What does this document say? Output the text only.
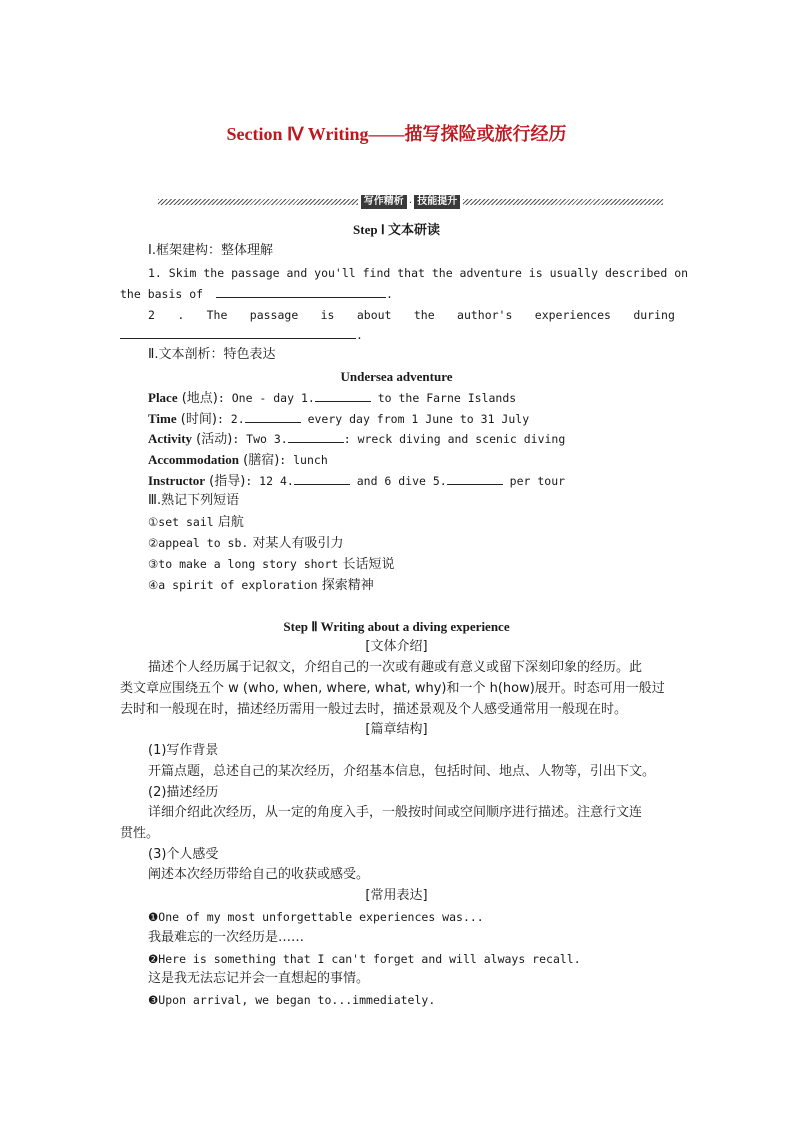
Section Ⅳ Writing——描写探险或旅行经历
写作精析 · 技能提升
Step Ⅰ 文本研读
Ⅰ.框架建构：整体理解
1. Skim the passage and you'll find that the adventure is usually described on
the basis of	.
2 . The passage is about the author's experiences during
.
Ⅱ.文本剖析：特色表达
Undersea adventure
Place (地点): One - day 1.	to the Farne Islands
Time (时间): 2.	every day from 1 June to 31 July
Activity (活动): Two 3.	: wreck diving and scenic diving
Accommodation (膳宿): lunch
Instructor (指导): 12 4.	and 6 dive 5.	per tour
Ⅲ.熟记下列短语
①set sail 启航
②appeal to sb. 对某人有吸引力
③to make a long story short 长话短说
④a spirit of exploration 探索精神
Step Ⅱ Writing about a diving experience
[文体介绍]
描述个人经历属于记叙文，介绍自己的一次或有趣或有意义或留下深刻印象的经历。此
类文章应围绕五个 w (who, when, where, what, why)和一个 h(how)展开。时态可用一般过
去时和一般现在时，描述经历需用一般过去时，描述景观及个人感受通常用一般现在时。
[篇章结构]
(1)写作背景
开篇点题，总述自己的某次经历，介绍基本信息，包括时间、地点、人物等，引出下文。
(2)描述经历
详细介绍此次经历，从一定的角度入手，一般按时间或空间顺序进行描述。注意行文连
贯性。
(3)个人感受
阐述本次经历带给自己的收获或感受。
[常用表达]
❶One of my most unforgettable experiences was...
我最难忘的一次经历是……
❷Here is something that I can't forget and will always recall.
这是我无法忘记并会一直想起的事情。
❸Upon arrival, we began to...immediately.
